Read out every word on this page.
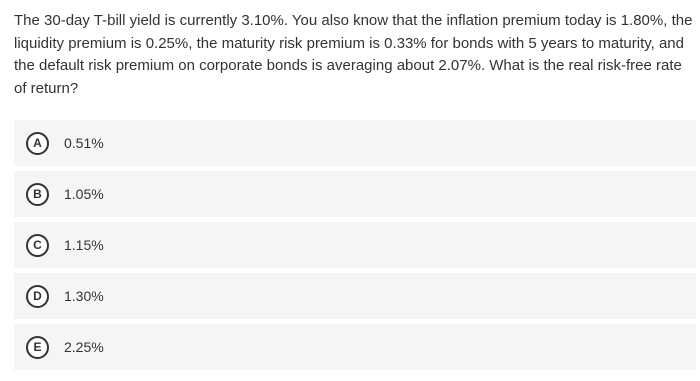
The 30-day T-bill yield is currently 3.10%. You also know that the inflation premium today is 1.80%, the liquidity premium is 0.25%, the maturity risk premium is 0.33% for bonds with 5 years to maturity, and the default risk premium on corporate bonds is averaging about 2.07%. What is the real risk-free rate of return?
A	0.51%
B	1.05%
C	1.15%
D	1.30%
E	2.25%
